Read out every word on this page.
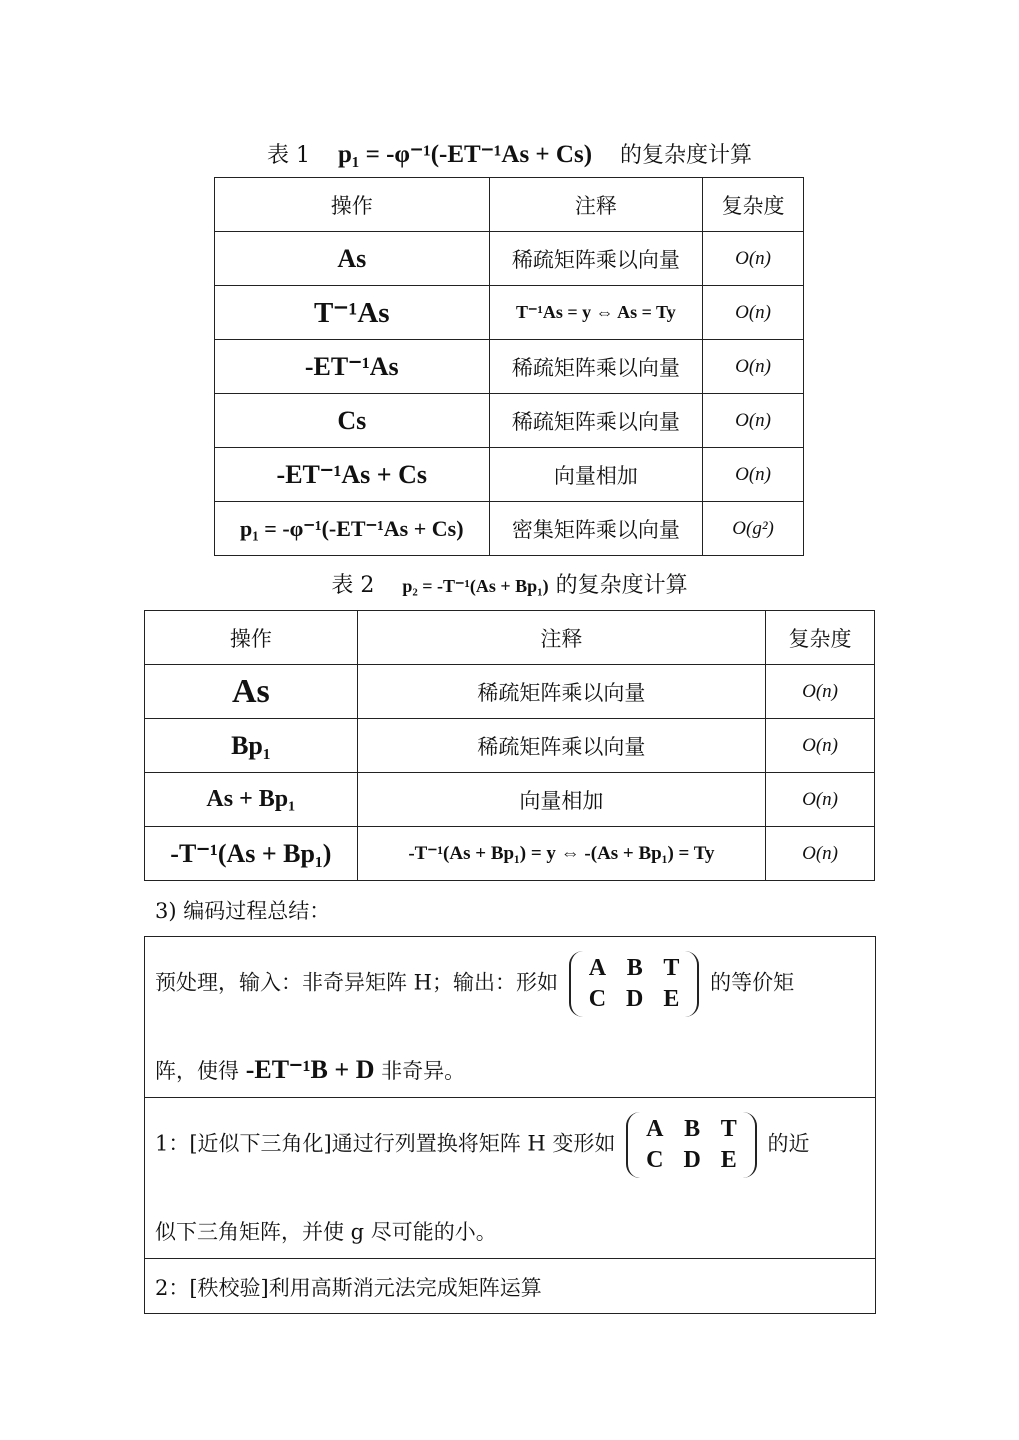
表 1 p₁ = -φ⁻¹(-ET⁻¹As + Cs) 的复杂度计算
操作	注释	复杂度
As	稀疏矩阵乘以向量	O(n)
T⁻¹As	T⁻¹As = y ⇔ As = Ty	O(n)
-ET⁻¹As	稀疏矩阵乘以向量	O(n)
Cs	稀疏矩阵乘以向量	O(n)
-ET⁻¹As + Cs	向量相加	O(n)
p₁ = -φ⁻¹(-ET⁻¹As + Cs)	密集矩阵乘以向量	O(g²)
表 2 p₂ = -T⁻¹(As + Bp₁) 的复杂度计算
操作	注释	复杂度
As	稀疏矩阵乘以向量	O(n)
Bp₁	稀疏矩阵乘以向量	O(n)
As + Bp₁	向量相加	O(n)
-T⁻¹(As + Bp₁)	-T⁻¹(As + Bp₁) = y ⇔ -(As + Bp₁) = Ty	O(n)
3) 编码过程总结：
预处理，输入：非奇异矩阵 H；输出：形如
A	B	T
C	D	E
的等价矩
阵，使得 -ET⁻¹B + D 非奇异。
1：[近似下三角化]通过行列置换将矩阵 H 变形如
A	B	T
C	D	E
的近
似下三角矩阵，并使 g 尽可能的小。
2：[秩校验]利用高斯消元法完成矩阵运算
